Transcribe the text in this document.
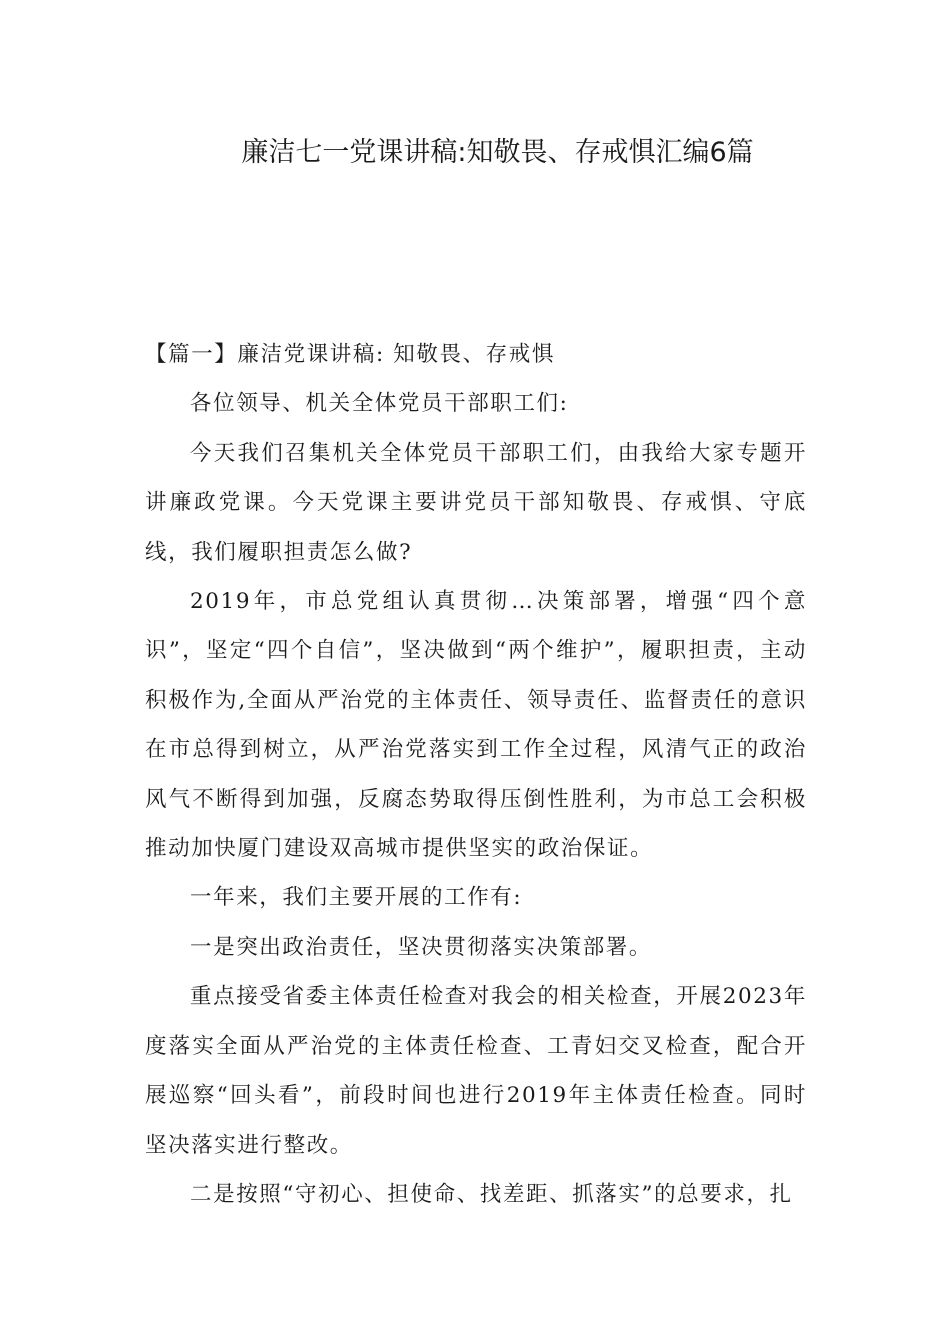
廉洁七一党课讲稿:知敬畏、存戒惧汇编6篇

【篇一】廉洁党课讲稿: 知敬畏、存戒惧

各位领导、机关全体党员干部职工们:

今天我们召集机关全体党员干部职工们，由我给大家专题开讲廉政党课。今天党课主要讲党员干部知敬畏、存戒惧、守底线，我们履职担责怎么做?

2019年，市总党组认真贯彻…决策部署，增强“四个意识”，坚定“四个自信”，坚决做到“两个维护”，履职担责，主动积极作为,全面从严治党的主体责任、领导责任、监督责任的意识在市总得到树立，从严治党落实到工作全过程，风清气正的政治风气不断得到加强，反腐态势取得压倒性胜利，为市总工会积极推动加快厦门建设双高城市提供坚实的政治保证。

一年来，我们主要开展的工作有:

一是突出政治责任，坚决贯彻落实决策部署。

重点接受省委主体责任检查对我会的相关检查，开展2023年度落实全面从严治党的主体责任检查、工青妇交叉检查，配合开展巡察“回头看”，前段时间也进行2019年主体责任检查。同时坚决落实进行整改。

二是按照“守初心、担使命、找差距、抓落实”的总要求，扎
